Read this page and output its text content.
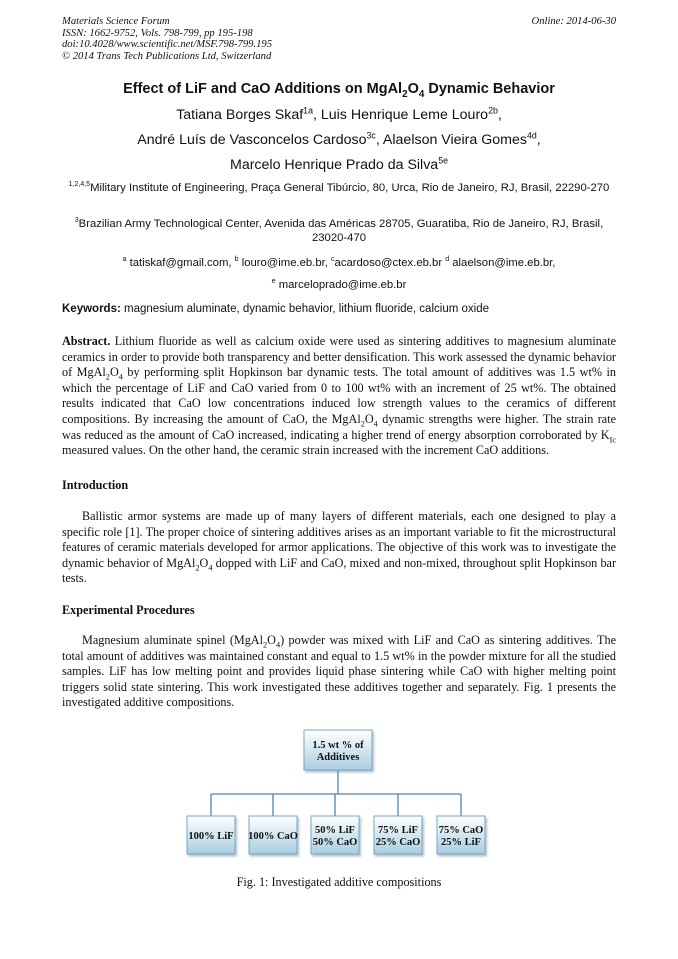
Materials Science Forum
ISSN: 1662-9752, Vols. 798-799, pp 195-198
doi:10.4028/www.scientific.net/MSF.798-799.195
© 2014 Trans Tech Publications Ltd, Switzerland
Online: 2014-06-30
Effect of LiF and CaO Additions on $MgAl_2O_4$ Dynamic Behavior
Tatiana Borges Skaf$^{1a}$, Luis Henrique Leme Louro$^{2b}$,
André Luís de Vasconcelos Cardoso$^{3c}$, Alaelson Vieira Gomes$^{4d}$,
Marcelo Henrique Prado da Silva$^{5e}$
$^{1,2,4,5}$Military Institute of Engineering, Praça General Tibúrcio, 80, Urca, Rio de Janeiro, RJ, Brasil, 22290-270
$^3$Brazilian Army Technological Center, Avenida das Américas 28705, Guaratiba, Rio de Janeiro, RJ, Brasil, 23020-470
$^a$ tatiskaf@gmail.com, $^b$ louro@ime.eb.br, $^c$acardoso@ctex.eb.br $^d$ alaelson@ime.eb.br,
$^e$ marceloprado@ime.eb.br
Keywords: magnesium aluminate, dynamic behavior, lithium fluoride, calcium oxide
Abstract. Lithium fluoride as well as calcium oxide were used as sintering additives to magnesium aluminate ceramics in order to provide both transparency and better densification. This work assessed the dynamic behavior of $MgAl_2O_4$ by performing split Hopkinson bar dynamic tests. The total amount of additives was 1.5 wt% in which the percentage of LiF and CaO varied from 0 to 100 wt% with an increment of 25 wt%. The obtained results indicated that CaO low concentrations induced low strength values to the ceramics of different compositions. By increasing the amount of CaO, the $MgAl_2O_4$ dynamic strengths were higher. The strain rate was reduced as the amount of CaO increased, indicating a higher trend of energy absorption corroborated by $K_{Ic}$ measured values. On the other hand, the ceramic strain increased with the increment CaO additions.
Introduction
Ballistic armor systems are made up of many layers of different materials, each one designed to play a specific role [1]. The proper choice of sintering additives arises as an important variable to fit the microstructural features of ceramic materials developed for armor applications. The objective of this work was to investigate the dynamic behavior of $MgAl_2O_4$ dopped with LiF and CaO, mixed and non-mixed, throughout split Hopkinson bar tests.
Experimental Procedures
Magnesium aluminate spinel $(MgAl_2O_4)$ powder was mixed with LiF and CaO as sintering additives. The total amount of additives was maintained constant and equal to 1.5 wt% in the powder mixture for all the studied samples. LiF has low melting point and provides liquid phase sintering while CaO with higher melting point triggers solid state sintering. This work investigated these additives together and separately. Fig. 1 presents the investigated additive compositions.
1.5 wt % of
Additives
100% LiF 100% CaO
50% LiF
50% CaO
75% LiF
25% CaO
75% CaO
25% LiF
Fig. 1: Investigated additive compositions
